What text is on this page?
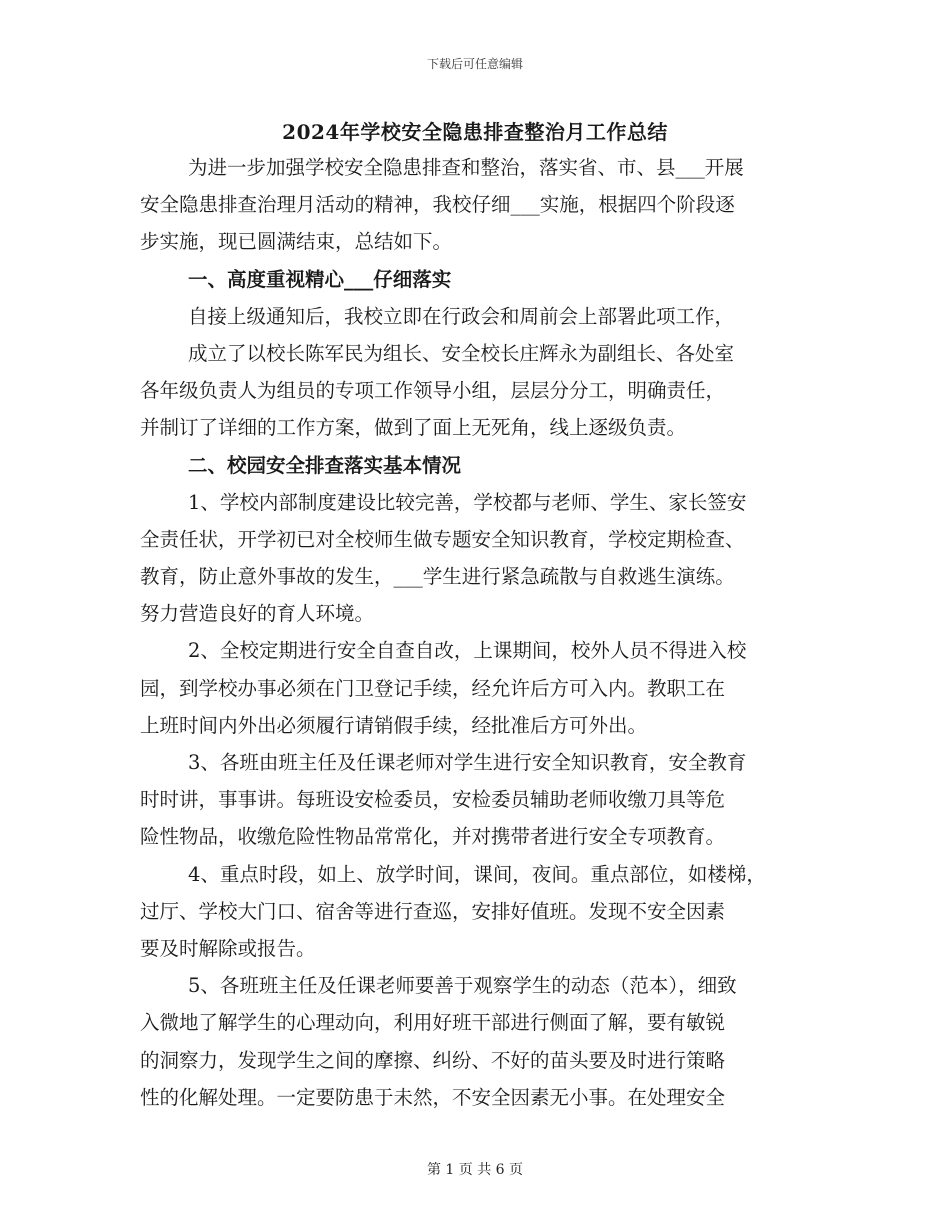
下载后可任意编辑
2024年学校安全隐患排查整治月工作总结
为进一步加强学校安全隐患排查和整治，落实省、市、县___开展
安全隐患排查治理月活动的精神，我校仔细___实施，根据四个阶段逐
步实施，现已圆满结束，总结如下。
一、高度重视精心___仔细落实
自接上级通知后，我校立即在行政会和周前会上部署此项工作，
成立了以校长陈军民为组长、安全校长庄辉永为副组长、各处室
各年级负责人为组员的专项工作领导小组，层层分分工，明确责任，
并制订了详细的工作方案，做到了面上无死角，线上逐级负责。
二、校园安全排查落实基本情况
1、学校内部制度建设比较完善，学校都与老师、学生、家长签安
全责任状，开学初已对全校师生做专题安全知识教育，学校定期检查、
教育，防止意外事故的发生，___学生进行紧急疏散与自救逃生演练。
努力营造良好的育人环境。
2、全校定期进行安全自查自改，上课期间，校外人员不得进入校
园，到学校办事必须在门卫登记手续，经允许后方可入内。教职工在
上班时间内外出必须履行请销假手续，经批准后方可外出。
3、各班由班主任及任课老师对学生进行安全知识教育，安全教育
时时讲，事事讲。每班设安检委员，安检委员辅助老师收缴刀具等危
险性物品，收缴危险性物品常常化，并对携带者进行安全专项教育。
4、重点时段，如上、放学时间，课间，夜间。重点部位，如楼梯，
过厅、学校大门口、宿舍等进行查巡，安排好值班。发现不安全因素
要及时解除或报告。
5、各班班主任及任课老师要善于观察学生的动态（范本），细致
入微地了解学生的心理动向，利用好班干部进行侧面了解，要有敏锐
的洞察力，发现学生之间的摩擦、纠纷、不好的苗头要及时进行策略
性的化解处理。一定要防患于未然，不安全因素无小事。在处理安全
第 1 页 共 6 页
